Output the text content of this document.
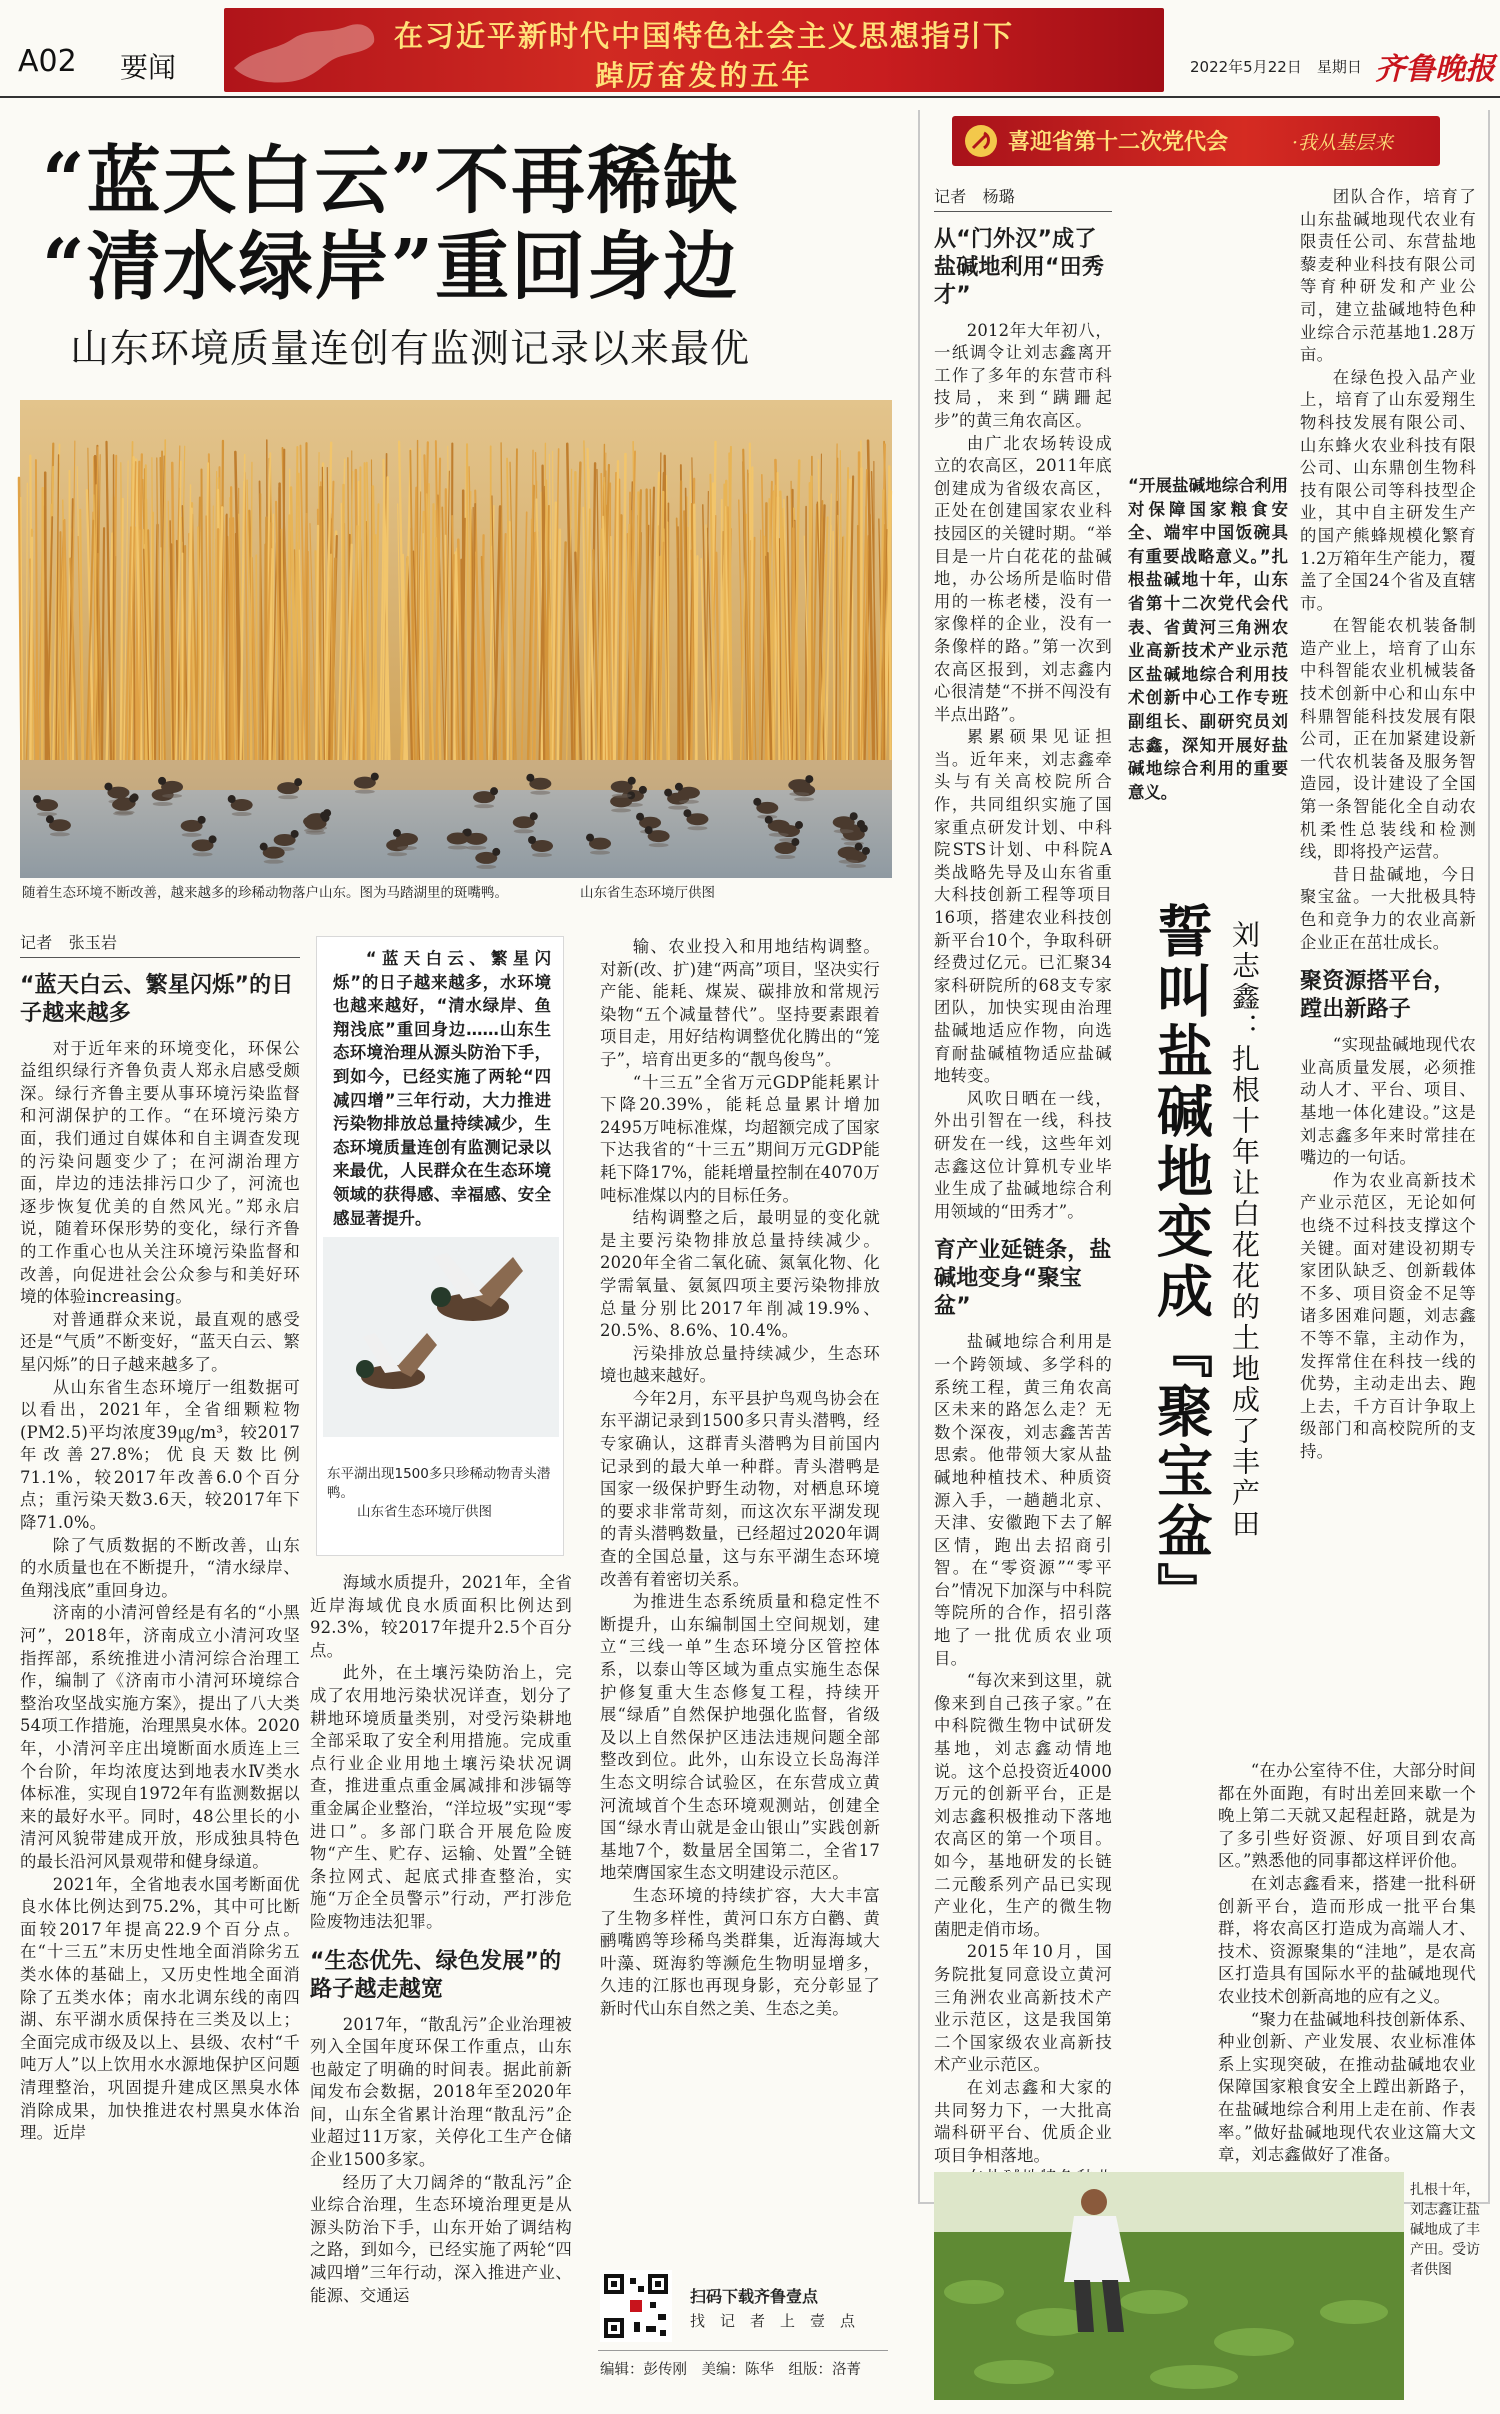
A02 要闻
在习近平新时代中国特色社会主义思想指引下
踔厉奋发的五年	2022年5月22日　 星期日 齐鲁晚报
“蓝天白云”不再稀缺
“清水绿岸”重回身边
山东环境质量连创有监测记录以来最优
随着生态环境不断改善，越来越多的珍稀动物落户山东。图为马踏湖里的斑嘴鸭。	山东省生态环境厅供图
记者　张玉岩
“蓝天白云、繁星闪烁”的日子越来越多

对于近年来的环境变化，环保公益组织绿行齐鲁负责人郑永启感受颇深。绿行齐鲁主要从事环境污染监督和河湖保护的工作。“在环境污染方面，我们通过自媒体和自主调查发现的污染问题变少了；在河湖治理方面，岸边的违法排污口少了，河流也逐步恢复优美的自然风光。”郑永启说，随着环保形势的变化，绿行齐鲁的工作重心也从关注环境污染监督和改善，向促进社会公众参与和美好环境的体验increasing。

对普通群众来说，最直观的感受还是“气质”不断变好，“蓝天白云、繁星闪烁”的日子越来越多了。

从山东省生态环境厅一组数据可以看出，2021年，全省细颗粒物(PM2.5)平均浓度39㎍/m³，较2017年改善27.8%；优良天数比例71.1%，较2017年改善6.0个百分点；重污染天数3.6天，较2017年下降71.0%。

除了气质数据的不断改善，山东的水质量也在不断提升，“清水绿岸、鱼翔浅底”重回身边。

济南的小清河曾经是有名的“小黑河”，2018年，济南成立小清河攻坚指挥部，系统推进小清河综合治理工作，编制了《济南市小清河环境综合整治攻坚战实施方案》，提出了八大类54项工作措施，治理黑臭水体。2020年，小清河辛庄出境断面水质连上三个台阶，年均浓度达到地表水Ⅳ类水体标准，实现自1972年有监测数据以来的最好水平。同时，48公里长的小清河风貌带建成开放，形成独具特色的最长沿河风景观带和健身绿道。

2021年，全省地表水国考断面优良水体比例达到75.2%，其中可比断面较2017年提高22.9个百分点。在“十三五”末历史性地全面消除劣五类水体的基础上，又历史性地全面消除了五类水体；南水北调东线的南四湖、东平湖水质保持在三类及以上；全面完成市级及以上、县级、农村“千吨万人”以上饮用水水源地保护区问题清理整治，巩固提升建成区黑臭水体消除成果，加快推进农村黑臭水体治理。近岸

“蓝天白云、繁星闪烁”的日子越来越多，水环境也越来越好，“清水绿岸、鱼翔浅底”重回身边……山东生态环境治理从源头防治下手，到如今，已经实施了两轮“四减四增”三年行动，大力推进污染物排放总量持续减少，生态环境质量连创有监测记录以来最优，人民群众在生态环境领域的获得感、幸福感、安全感显著提升。
东平湖出现1500多只珍稀动物青头潜鸭。
山东省生态环境厅供图

海域水质提升，2021年，全省近岸海域优良水质面积比例达到92.3%，较2017年提升2.5个百分点。

此外，在土壤污染防治上，完成了农用地污染状况详查，划分了耕地环境质量类别，对受污染耕地全部采取了安全利用措施。完成重点行业企业用地土壤污染状况调查，推进重点重金属减排和涉镉等重金属企业整治，“洋垃圾”实现“零进口”。多部门联合开展危险废物“产生、贮存、运输、处置”全链条拉网式、起底式排查整治，实施“万企全员警示”行动，严打涉危险废物违法犯罪。

“生态优先、绿色发展”的路子越走越宽

2017年，“散乱污”企业治理被列入全国年度环保工作重点，山东也敲定了明确的时间表。据此前新闻发布会数据，2018年至2020年间，山东全省累计治理“散乱污”企业超过11万家，关停化工生产仓储企业1500多家。

经历了大刀阔斧的“散乱污”企业综合治理，生态环境治理更是从源头防治下手，山东开始了调结构之路，到如今，已经实施了两轮“四减四增”三年行动，深入推进产业、能源、交通运

输、农业投入和用地结构调整。对新(改、扩)建“两高”项目，坚决实行产能、能耗、煤炭、碳排放和常规污染物“五个减量替代”。坚持要素跟着项目走，用好结构调整优化腾出的“笼子”，培育出更多的“靓鸟俊鸟”。

“十三五”全省万元GDP能耗累计下降20.39%，能耗总量累计增加2495万吨标准煤，均超额完成了国家下达我省的“十三五”期间万元GDP能耗下降17%，能耗增量控制在4070万吨标准煤以内的目标任务。

结构调整之后，最明显的变化就是主要污染物排放总量持续减少。2020年全省二氧化硫、氮氧化物、化学需氧量、氨氮四项主要污染物排放总量分别比2017年削减19.9%、20.5%、8.6%、10.4%。

污染排放总量持续减少，生态环境也越来越好。

今年2月，东平县护鸟观鸟协会在东平湖记录到1500多只青头潜鸭，经专家确认，这群青头潜鸭为目前国内记录到的最大单一种群。青头潜鸭是国家一级保护野生动物，对栖息环境的要求非常苛刻，而这次东平湖发现的青头潜鸭数量，已经超过2020年调查的全国总量，这与东平湖生态环境改善有着密切关系。

为推进生态系统质量和稳定性不断提升，山东编制国土空间规划，建立“三线一单”生态环境分区管控体系，以泰山等区域为重点实施生态保护修复重大生态修复工程，持续开展“绿盾”自然保护地强化监督，省级及以上自然保护区违法违规问题全部整改到位。此外，山东设立长岛海洋生态文明综合试验区，在东营成立黄河流域首个生态环境观测站，创建全国“绿水青山就是金山银山”实践创新基地7个，数量居全国第二，全省17地荣膺国家生态文明建设示范区。

生态环境的持续扩容，大大丰富了生物多样性，黄河口东方白鹳、黄鹂嘴鸥等珍稀鸟类群集，近海海域大叶藻、斑海豹等濒危生物明显增多，久违的江豚也再现身影，充分彰显了新时代山东自然之美、生态之美。

扫码下载齐鲁壹点
找　记　者　上　壹　点
编辑：彭传刚　美编：陈华　组版：洛菁
喜迎省第十二次党代会	·我从基层来
记者　杨璐
从“门外汉”成了盐碱地利用“田秀才”

2012年大年初八，一纸调令让刘志鑫离开工作了多年的东营市科技局，来到“蹒跚起步”的黄三角农高区。

由广北农场转设成立的农高区，2011年底创建成为省级农高区，正处在创建国家农业科技园区的关键时期。“举目是一片白花花的盐碱地，办公场所是临时借用的一栋老楼，没有一家像样的企业，没有一条像样的路。”第一次到农高区报到，刘志鑫内心很清楚“不拼不闯没有半点出路”。

累累硕果见证担当。近年来，刘志鑫牵头与有关高校院所合作，共同组织实施了国家重点研发计划、中科院STS计划、中科院A类战略先导及山东省重大科技创新工程等项目16项，搭建农业科技创新平台10个，争取科研经费过亿元。已汇聚34家科研院所的68支专家团队，加快实现由治理盐碱地适应作物，向选育耐盐碱植物适应盐碱地转变。

风吹日晒在一线，外出引智在一线，科技研发在一线，这些年刘志鑫这位计算机专业毕业生成了盐碱地综合利用领域的“田秀才”。

育产业延链条，盐碱地变身“聚宝盆”

盐碱地综合利用是一个跨领域、多学科的系统工程，黄三角农高区未来的路怎么走？无数个深夜，刘志鑫苦苦思索。他带领大家从盐碱地种植技术、种质资源入手，一趟趟北京、天津、安徽跑下去了解区情，跑出去招商引智。在“零资源”“零平台”情况下加深与中科院等院所的合作，招引落地了一批优质农业项目。

“每次来到这里，就像来到自己孩子家。”在中科院微生物中试研发基地，刘志鑫动情地说。这个总投资近4000万元的创新平台，正是刘志鑫积极推动下落地农高区的第一个项目。如今，基地研发的长链二元酸系列产品已实现产业化，生产的微生物菌肥走俏市场。

2015年10月，国务院批复同意设立黄河三角洲农业高新技术产业示范区，这是我国第二个国家级农业高新技术产业示范区。

在刘志鑫和大家的共同努力下，一大批高端科研平台、优质企业项目争相落地。

“开展盐碱地综合利用对保障国家粮食安全、端牢中国饭碗具有重要战略意义。”扎根盐碱地十年，山东省第十二次党代会代表、省黄河三角洲农业高新技术产业示范区盐碱地综合利用技术创新中心工作专班副组长、副研究员刘志鑫，深知开展好盐碱地综合利用的重要意义。
誓叫盐碱地变成『聚宝盆』 刘志鑫：扎根十年让白花花的土地成了丰产田

团队合作，培育了山东盐碱地现代农业有限责任公司、东营盐地藜麦种业科技有限公司等育种研发和产业公司，建立盐碱地特色种业综合示范基地1.28万亩。

在绿色投入品产业上，培育了山东爱翔生物科技发展有限公司、山东蜂火农业科技有限公司、山东鼎创生物科技有限公司等科技型企业，其中自主研发生产的国产熊蜂规模化繁育1.2万箱年生产能力，覆盖了全国24个省及直辖市。

在智能农机装备制造产业上，培育了山东中科智能农业机械装备技术创新中心和山东中科鼎智能科技发展有限公司，正在加紧建设新一代农机装备及服务智造园，设计建设了全国第一条智能化全自动农机柔性总装线和检测线，即将投产运营。

昔日盐碱地，今日聚宝盆。一大批极具特色和竞争力的农业高新企业正在茁壮成长。

聚资源搭平台，蹚出新路子

“实现盐碱地现代农业高质量发展，必须推动人才、平台、项目、基地一体化建设。”这是刘志鑫多年来时常挂在嘴边的一句话。

作为农业高新技术产业示范区，无论如何也绕不过科技支撑这个关键。面对建设初期专家团队缺乏、创新载体不多、项目资金不足等诸多困难问题，刘志鑫不等不靠，主动作为，发挥常住在科技一线的优势，主动走出去、跑上去，千方百计争取上级部门和高校院所的支持。

“在办公室待不住，大部分时间都在外面跑，有时出差回来歇一个晚上第二天就又起程赶路，就是为了多引些好资源、好项目到农高区。”熟悉他的同事都这样评价他。

在刘志鑫看来，搭建一批科研创新平台，造而形成一批平台集群，将农高区打造成为高端人才、技术、资源聚集的“洼地”，是农高区打造具有国际水平的盐碱地现代农业技术创新高地的应有之义。

“聚力在盐碱地科技创新体系、种业创新、产业发展、农业标准体系上实现突破，在推动盐碱地农业保障国家粮食安全上蹚出新路子，在盐碱地综合利用上走在前、作表率。”做好盐碱地现代农业这篇大文章，刘志鑫做好了准备。

扎根十年，刘志鑫让盐碱地成了丰产田。受访者供图
